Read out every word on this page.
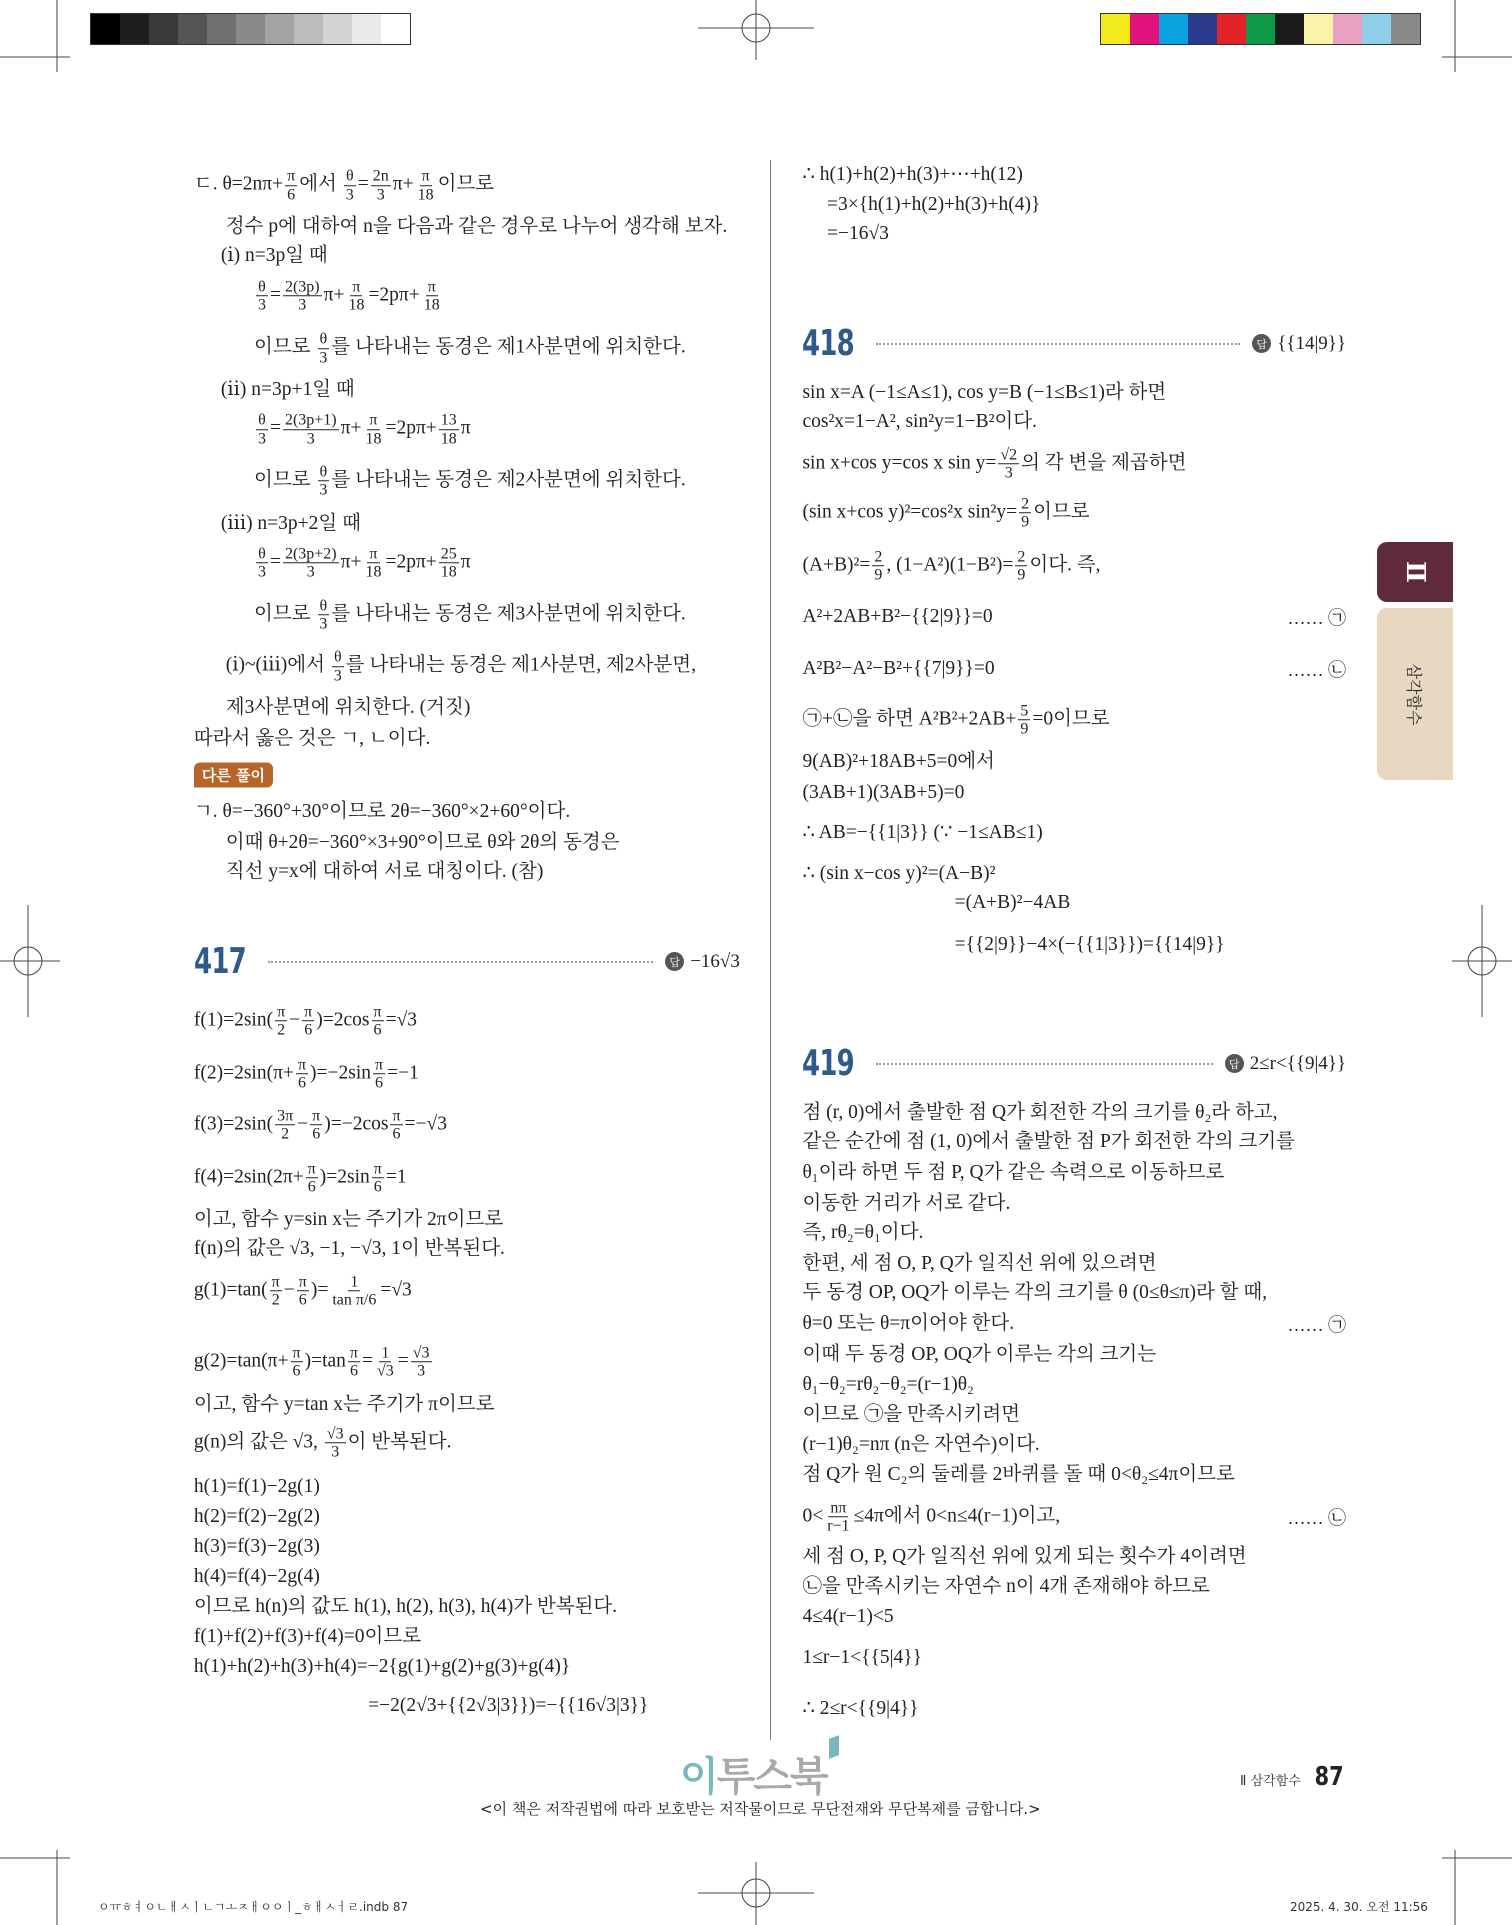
ㄷ. $\theta=2n\pi+ \frac{\pi}{6}$ 에서 $\frac{\theta}{3} = \frac{2n}{3} \pi+ \frac{\pi}{18}$ 이므로
정수 p에 대하여 n을 다음과 같은 경우로 나누어 생각해 보자.
(ⅰ) n=3p일 때
$\frac{\theta}{3} = \frac{2(3p)}{3} \pi+ \frac{\pi}{18} =2p\pi+ \frac{\pi}{18}$
이므로 $\frac{\theta}{3}$ 를 나타내는 동경은 제1사분면에 위치한다.
(ⅱ) n=3p+1일 때
$\frac{\theta}{3} = \frac{2(3p+1)}{3} \pi+ \frac{\pi}{18} =2p\pi+ \frac{13}{18}$ π
이므로 $\frac{\theta}{3}$ 를 나타내는 동경은 제2사분면에 위치한다.
(ⅲ) n=3p+2일 때
$\frac{\theta}{3} = \frac{2(3p+2)}{3} \pi+ \frac{\pi}{18} =2p\pi+ \frac{25}{18}$ π
이므로 $\frac{\theta}{3}$ 를 나타내는 동경은 제3사분면에 위치한다.
(ⅰ)~(ⅲ)에서 $\frac{\theta}{3}$ 를 나타내는 동경은 제1사분면, 제2사분면,
제3사분면에 위치한다. (거짓)
따라서 옳은 것은 ㄱ, ㄴ이다.
다른 풀이
ㄱ. θ=−360°+30°이므로 2θ=−360°×2+60°이다.
이때 θ+2θ=−360°×3+90°이므로 θ와 2θ의 동경은
직선 y=x에 대하여 서로 대칭이다. (참)
417	답 −16√3
$f(1)=2\sin( \frac{\pi}{2} - \frac{\pi}{6} )=2\cos \frac{\pi}{6} =√3$
$f(2)=2\sin(\pi+ \frac{\pi}{6} )=-2\sin \frac{\pi}{6} =-1$
$f(3)=2\sin( \frac{3\pi}{2} - \frac{\pi}{6} )=-2\cos \frac{\pi}{6} =-√3$
$f(4)=2\sin(2\pi+ \frac{\pi}{6} )=2\sin \frac{\pi}{6} =1$
이고, 함수 y=sin x는 주기가 2π이므로
f(n)의 값은 √3, −1, −√3, 1이 반복된다.
$g(1)=\tan( \frac{\pi}{2} - \frac{\pi}{6}$ )= $\frac{1}{\text{tan π/6}} =√3$
$g(2)=\tan(\pi+ \frac{\pi}{6} )=\tan \frac{\pi}{6} = \frac{1}{√3} = \frac{√3}{3}$
이고, 함수 y=tan x는 주기가 π이므로
g(n)의 값은 √3, $\frac{√3}{3}$ 이 반복된다.
h(1)=f(1)−2g(1)
h(2)=f(2)−2g(2)
h(3)=f(3)−2g(3)
h(4)=f(4)−2g(4)
이므로 h(n)의 값도 h(1), h(2), h(3), h(4)가 반복된다.
f(1)+f(2)+f(3)+f(4)=0이므로
h(1)+h(2)+h(3)+h(4)=−2{g(1)+g(2)+g(3)+g(4)}
=−2(2√3+{{2√3|3}})=−{{16√3|3}}
∴ h(1)+h(2)+h(3)+⋯+h(12)
=3×{h(1)+h(2)+h(3)+h(4)}
=−16√3
418	답 {{14|9}}
sin x=A (−1≤A≤1), cos y=B (−1≤B≤1)라 하면
cos²x=1−A², sin²y=1−B²이다.
sin x+cos y=cos x $\sin y= \frac{√2}{3}$ 의 각 변을 제곱하면
(sin x+cos y)²=cos²x $\sin^2y= \frac{2}{9}$ 이므로
$(A+B)^2= \frac{2}{9}$ , $(1-A^2)(1-B^2)= \frac{2}{9}$ 이다. 즉,
A²+2AB+B²−{{2|9}}=0	…… ㉠
A²B²−A²−B²+{{7|9}}=0	…… ㉡
㉠+㉡을 하면 $A^2B^2+2AB+ \frac{5}{9} =0$이므로
9(AB)²+18AB+5=0에서
(3AB+1)(3AB+5)=0
∴ AB=−{{1|3}} (∵ −1≤AB≤1)
∴ (sin x−cos y)²=(A−B)²
=(A+B)²−4AB
={{2|9}}−4×(−{{1|3}})={{14|9}}
419	답 2≤r<{{9|4}}
점 (r, 0)에서 출발한 점 Q가 회전한 각의 크기를 θ₂라 하고,
같은 순간에 점 (1, 0)에서 출발한 점 P가 회전한 각의 크기를
θ₁이라 하면 두 점 P, Q가 같은 속력으로 이동하므로
이동한 거리가 서로 같다.
즉, rθ₂=θ₁이다.
한편, 세 점 O, P, Q가 일직선 위에 있으려면
두 동경 OP, OQ가 이루는 각의 크기를 θ (0≤θ≤π)라 할 때,
θ=0 또는 θ=π이어야 한다.	…… ㉠
이때 두 동경 OP, OQ가 이루는 각의 크기는
θ₁−θ₂=rθ₂−θ₂=(r−1)θ₂
이므로 ㉠을 만족시키려면
(r−1)θ₂=nπ (n은 자연수)이다.
점 Q가 원 C₂의 둘레를 2바퀴를 돌 때 0<θ₂≤4π이므로
$0< \frac{n\pi}{r-1} \le 4\pi$에서 0<n≤4(r−1)이고,	…… ㉡
세 점 O, P, Q가 일직선 위에 있게 되는 횟수가 4이려면
㉡을 만족시키는 자연수 n이 4개 존재해야 하므로
4≤4(r−1)<5
1≤r−1<{{5|4}}
∴ 2≤r<{{9|4}}
Ⅱ
삼각함수
이투스북
<이 책은 저작권법에 따라 보호받는 저작물이므로 무단전재와 무단복제를 금합니다.>
Ⅱ 삼각함수 87
ㅇㅠㅎㅕㅇㄴㅐㅅㅣㄴㄱㅗㅈㅐㅇㅇㅣ_ㅎㅐㅅㅓㄹ.indb 87	2025. 4. 30. 오전 11:56
